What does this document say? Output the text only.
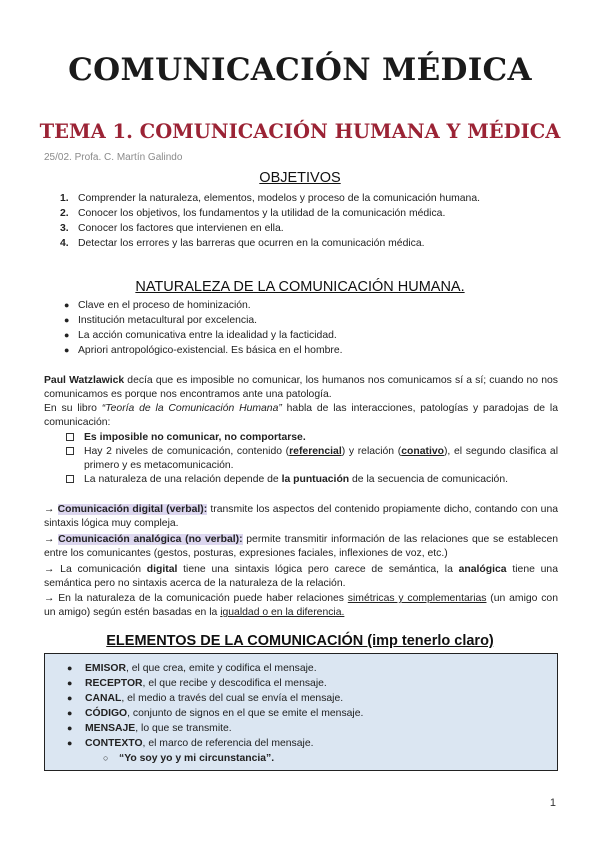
COMUNICACIÓN MÉDICA
TEMA 1. COMUNICACIÓN HUMANA Y MÉDICA
25/02. Profa. C. Martín Galindo
OBJETIVOS
1. Comprender la naturaleza, elementos, modelos y proceso de la comunicación humana.
2. Conocer los objetivos, los fundamentos y la utilidad de la comunicación médica.
3. Conocer los factores que intervienen en ella.
4. Detectar los errores y las barreras que ocurren en la comunicación médica.
NATURALEZA DE LA COMUNICACIÓN HUMANA.
● Clave en el proceso de hominización.
● Institución metacultural por excelencia.
● La acción comunicativa entre la idealidad y la facticidad.
● Apriori antropológico-existencial. Es básica en el hombre.

Paul Watzlawick decía que es imposible no comunicar, los humanos nos comunicamos sí a sí; cuando no nos comunicamos es porque nos encontramos ante una patología.
En su libro “Teoría de la Comunicación Humana” habla de las interacciones, patologías y paradojas de la comunicación:

Es imposible no comunicar, no comportarse.
Hay 2 niveles de comunicación, contenido (referencial) y relación (conativo), el segundo clasifica al primero y es metacomunicación.
La naturaleza de una relación depende de la puntuación de la secuencia de comunicación.

→ Comunicación digital (verbal): transmite los aspectos del contenido propiamente dicho, contando con una sintaxis lógica muy compleja.

→ Comunicación analógica (no verbal): permite transmitir información de las relaciones que se establecen entre los comunicantes (gestos, posturas, expresiones faciales, inflexiones de voz, etc.)

→ La comunicación digital tiene una sintaxis lógica pero carece de semántica, la analógica tiene una semántica pero no sintaxis acerca de la naturaleza de la relación.

→ En la naturaleza de la comunicación puede haber relaciones simétricas y complementarias (un amigo con un amigo) según estén basadas en la igualdad o en la diferencia.

ELEMENTOS DE LA COMUNICACIÓN (imp tenerlo claro)
● EMISOR, el que crea, emite y codifica el mensaje.
● RECEPTOR, el que recibe y descodifica el mensaje.
● CANAL, el medio a través del cual se envía el mensaje.
● CÓDIGO, conjunto de signos en el que se emite el mensaje.
● MENSAJE, lo que se transmite.
● CONTEXTO, el marco de referencia del mensaje.
○ “Yo soy yo y mi circunstancia”.
1
